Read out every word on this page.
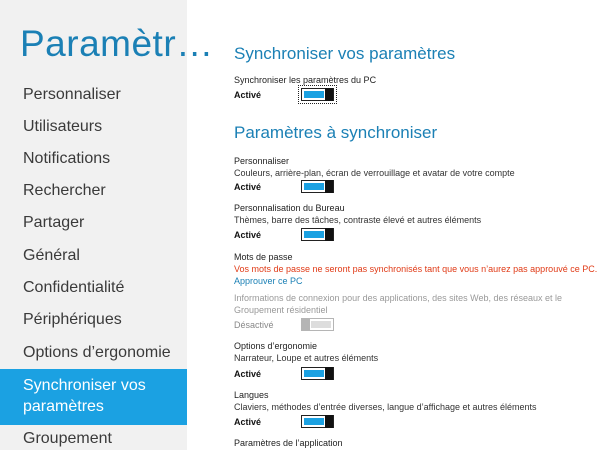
Paramètr…
Personnaliser
Utilisateurs
Notifications
Rechercher
Partager
Général
Confidentialité
Périphériques
Options d’ergonomie
Synchroniser vos
paramètres
Groupement
Synchroniser vos paramètres
Synchroniser les paramètres du PC
Activé
Paramètres à synchroniser
Personnaliser
Couleurs, arrière-plan, écran de verrouillage et avatar de votre compte
Activé
Personnalisation du Bureau
Thèmes, barre des tâches, contraste élevé et autres éléments
Activé
Mots de passe
Vos mots de passe ne seront pas synchronisés tant que vous n’aurez pas approuvé ce PC.
Approuver ce PC
Informations de connexion pour des applications, des sites Web, des réseaux et le
Groupement résidentiel
Désactivé
Options d’ergonomie
Narrateur, Loupe et autres éléments
Activé
Langues
Claviers, méthodes d’entrée diverses, langue d’affichage et autres éléments
Activé
Paramètres de l’application
